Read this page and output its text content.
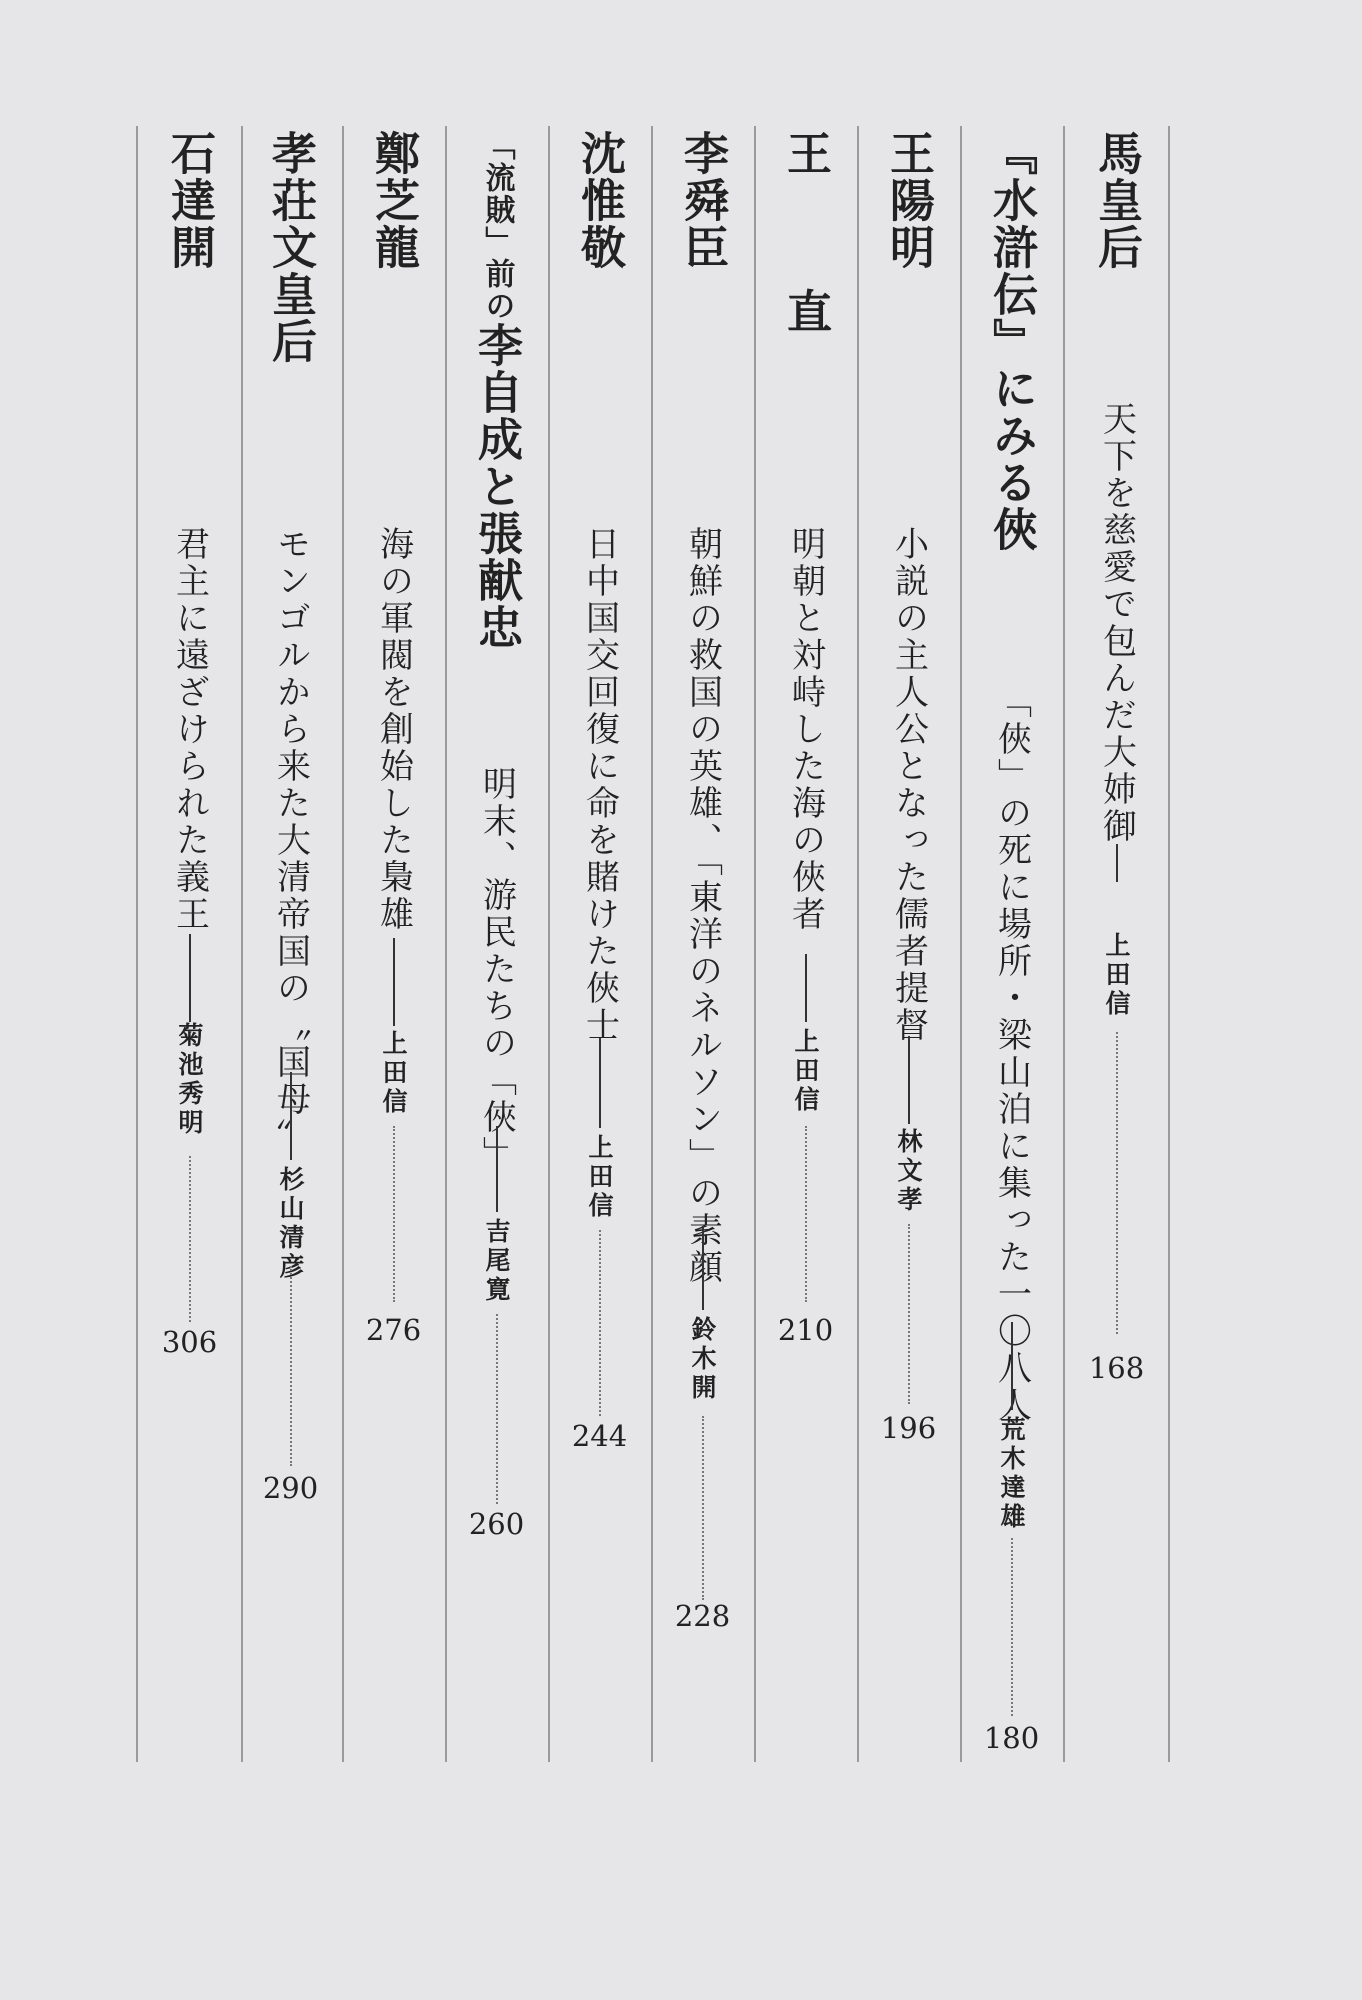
馬皇后
天下を慈愛で包んだ大姉御
上田信
168
『水滸伝』にみる俠
「俠」の死に場所・梁山泊に集った一〇八人
荒木達雄
180
王陽明
小説の主人公となった儒者提督
林文孝
196
王 直
明朝と対峙した海の俠者
上田信
210
李舜臣
朝鮮の救国の英雄、「東洋のネルソン」の素顔
鈴木開
228
沈惟敬
日中国交回復に命を賭けた俠士
上田信
244
「流賊」前の
李自成と張献忠
明末、游民たちの「俠」
吉尾寛
260
鄭芝龍
海の軍閥を創始した梟雄
上田信
276
孝荘文皇后
モンゴルから来た大清帝国の〝国母〟
杉山清彦
290
石達開
君主に遠ざけられた義王
菊池秀明
306
